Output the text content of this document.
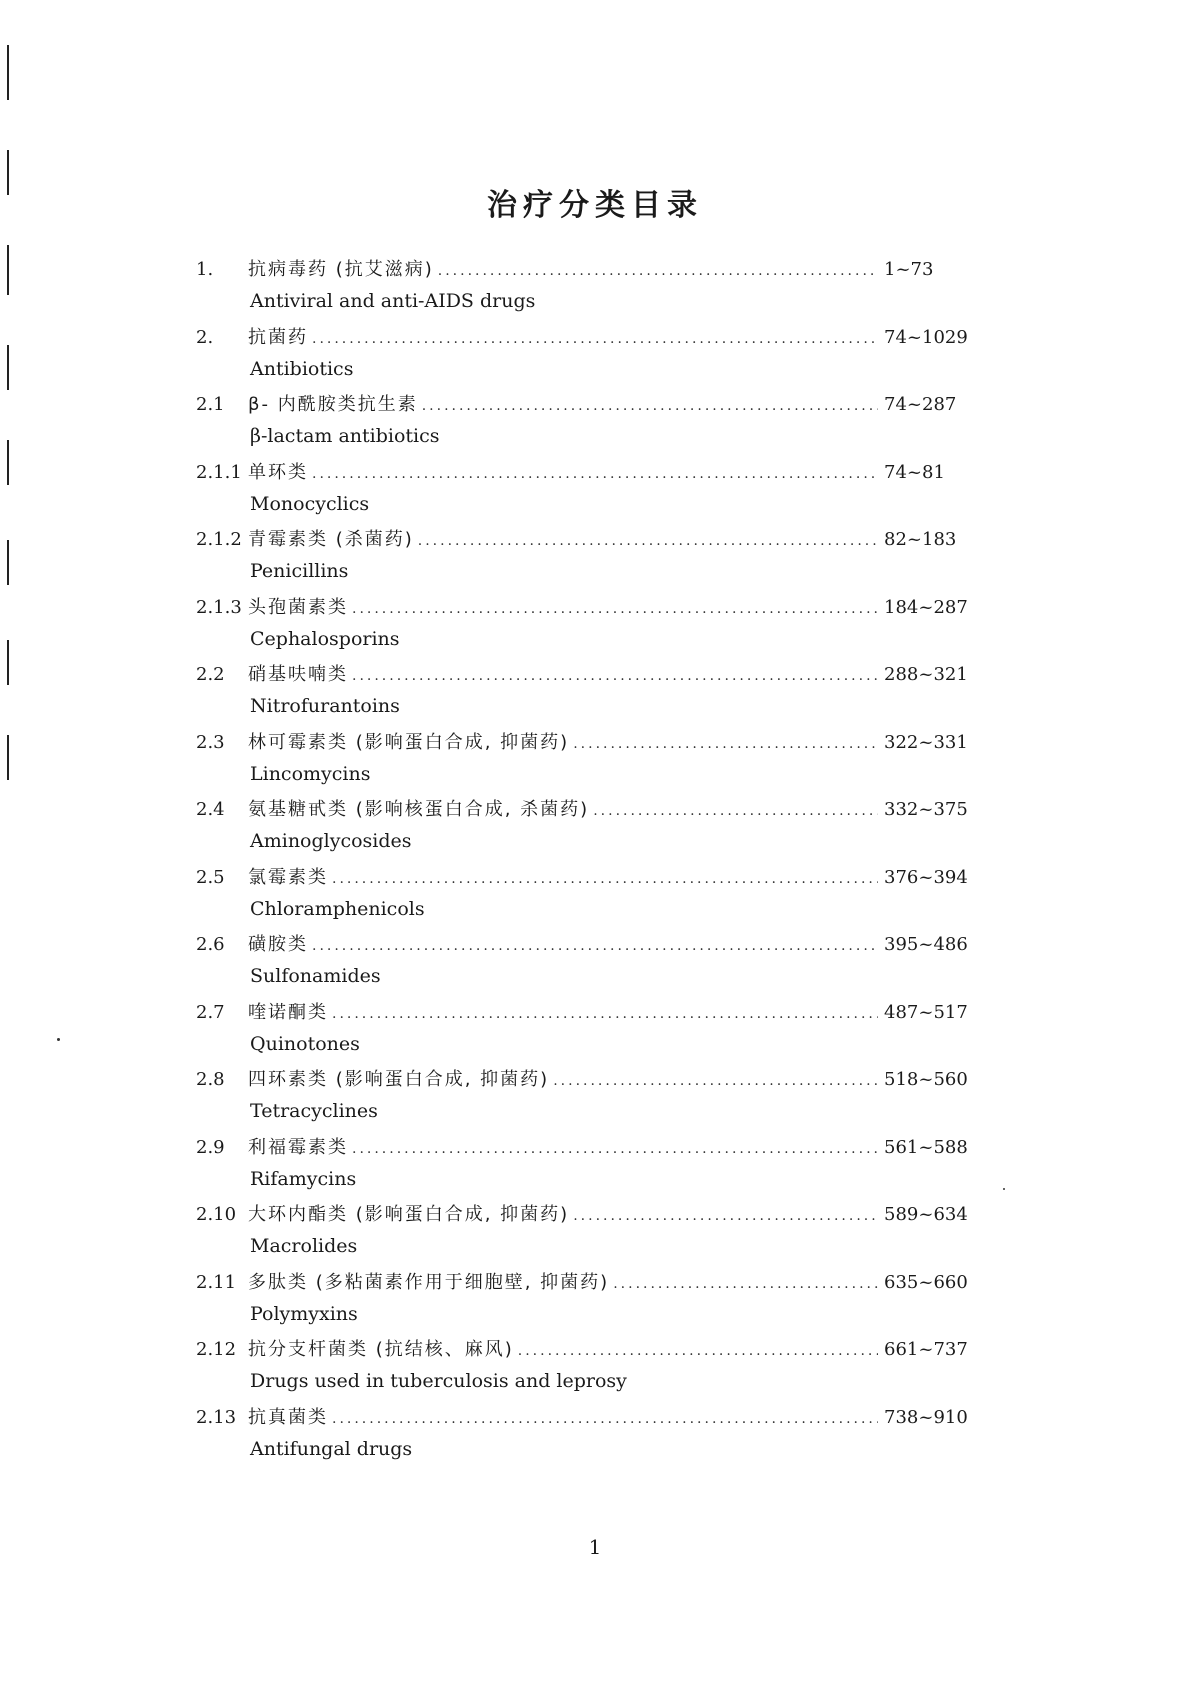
治疗分类目录
1.	抗病毒药 (抗艾滋病) .....	1~73
Antiviral and anti-AIDS drugs
2.	抗菌药 .....	74~1029
Antibiotics
2.1	β- 内酰胺类抗生素 .....	74~287
β-lactam antibiotics
2.1.1 单环类 .....	74~81
Monocyclics
2.1.2 青霉素类 (杀菌药) .....	82~183
Penicillins
2.1.3 头孢菌素类 .....	184~287
Cephalosporins
2.2	硝基呋喃类 .....	288~321
Nitrofurantoins
2.3	林可霉素类 (影响蛋白合成, 抑菌药) .....	322~331
Lincomycins
2.4	氨基糖甙类 (影响核蛋白合成, 杀菌药) .....	332~375
Aminoglycosides
2.5	氯霉素类 .....	376~394
Chloramphenicols
2.6	磺胺类 .....	395~486
Sulfonamides
2.7	喹诺酮类 .....	487~517
Quinotones
2.8	四环素类 (影响蛋白合成, 抑菌药) .....	518~560
Tetracyclines
2.9	利福霉素类 .....	561~588
Rifamycins
2.10 大环内酯类 (影响蛋白合成, 抑菌药) .....	589~634
Macrolides
2.11 多肽类 (多粘菌素作用于细胞壁, 抑菌药) .....	635~660
Polymyxins
2.12 抗分支杆菌类 (抗结核、麻风) .....	661~737
Drugs used in tuberculosis and leprosy
2.13 抗真菌类 .....	738~910
Antifungal drugs
1
